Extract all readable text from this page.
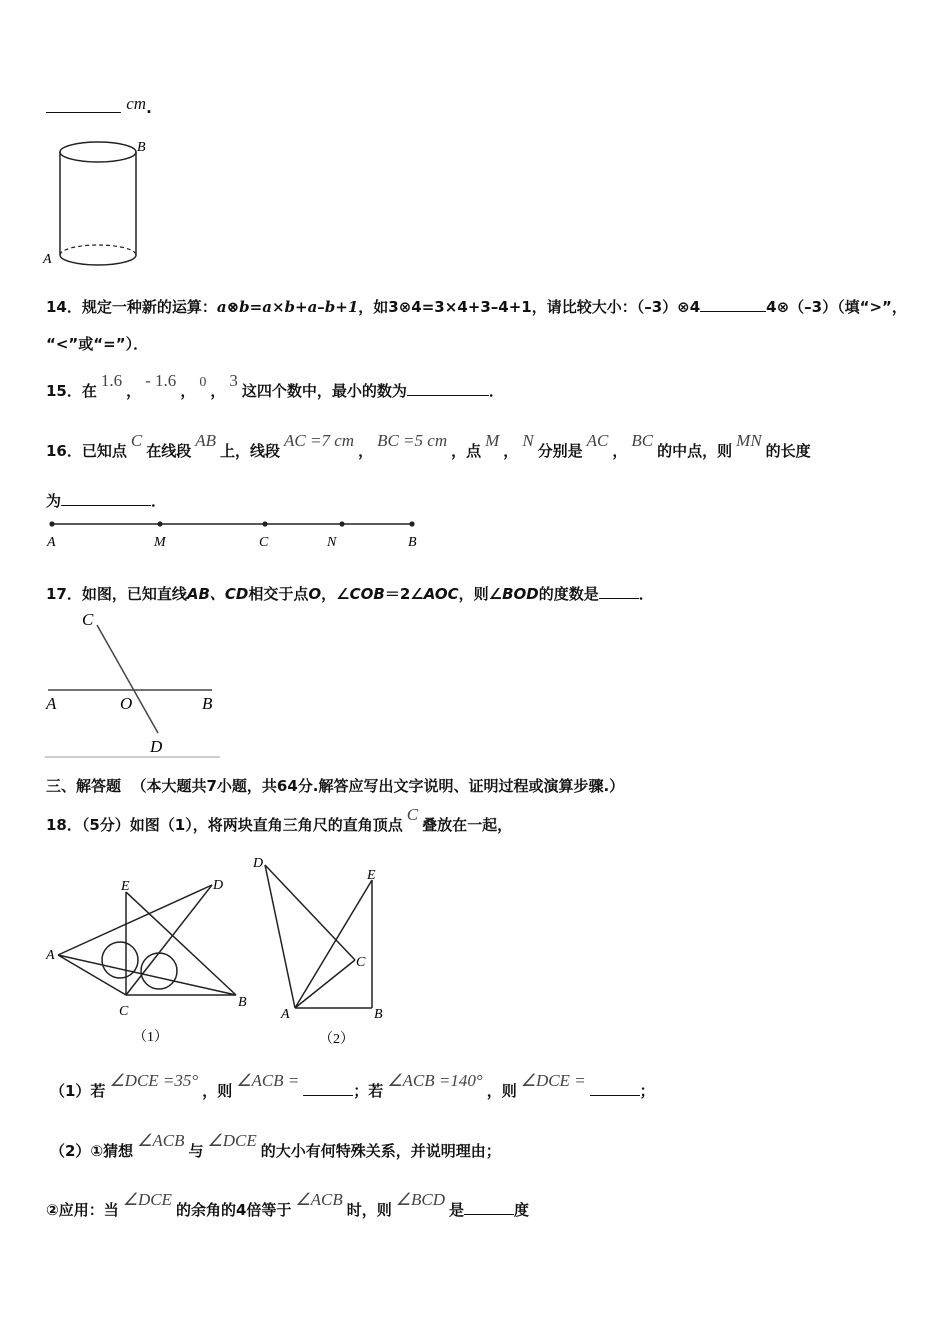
cm.
B
A
14．规定一种新的运算：a⊗b=a×b+a–b+1，如3⊗4=3×4+3–4+1，请比较大小：（–3）⊗4	4⊗（–3）（填“>”，
“<”或“=”）．
15．在1.6，- 1.6， 0 ，3这四个数中，最小的数为	．
16．已知点C在线段AB上，线段AC =7 cm，BC =5 cm，点M，N分别是AC，BC的中点，则MN的长度
为	．
A	M	C	N	B
17．如图，已知直线AB、CD相交于点O，∠COB＝2∠AOC，则∠BOD的度数是	．
C
A	O	B
D
三、解答题 （本大题共7小题，共64分.解答应写出文字说明、证明过程或演算步骤.）
18．（5分）如图（1），将两块直角三角尺的直角顶点C叠放在一起，
E	D
A
C
B
（1）
D
E
C
A	B
（2）
（1）若∠DCE =35°，则∠ACB =；若∠ACB =140°，则∠DCE =；
（2）①猜想∠ACB与∠DCE的大小有何特殊关系，并说明理由；
②应用：当∠DCE的余角的4倍等于∠ACB时，则∠BCD是	度
